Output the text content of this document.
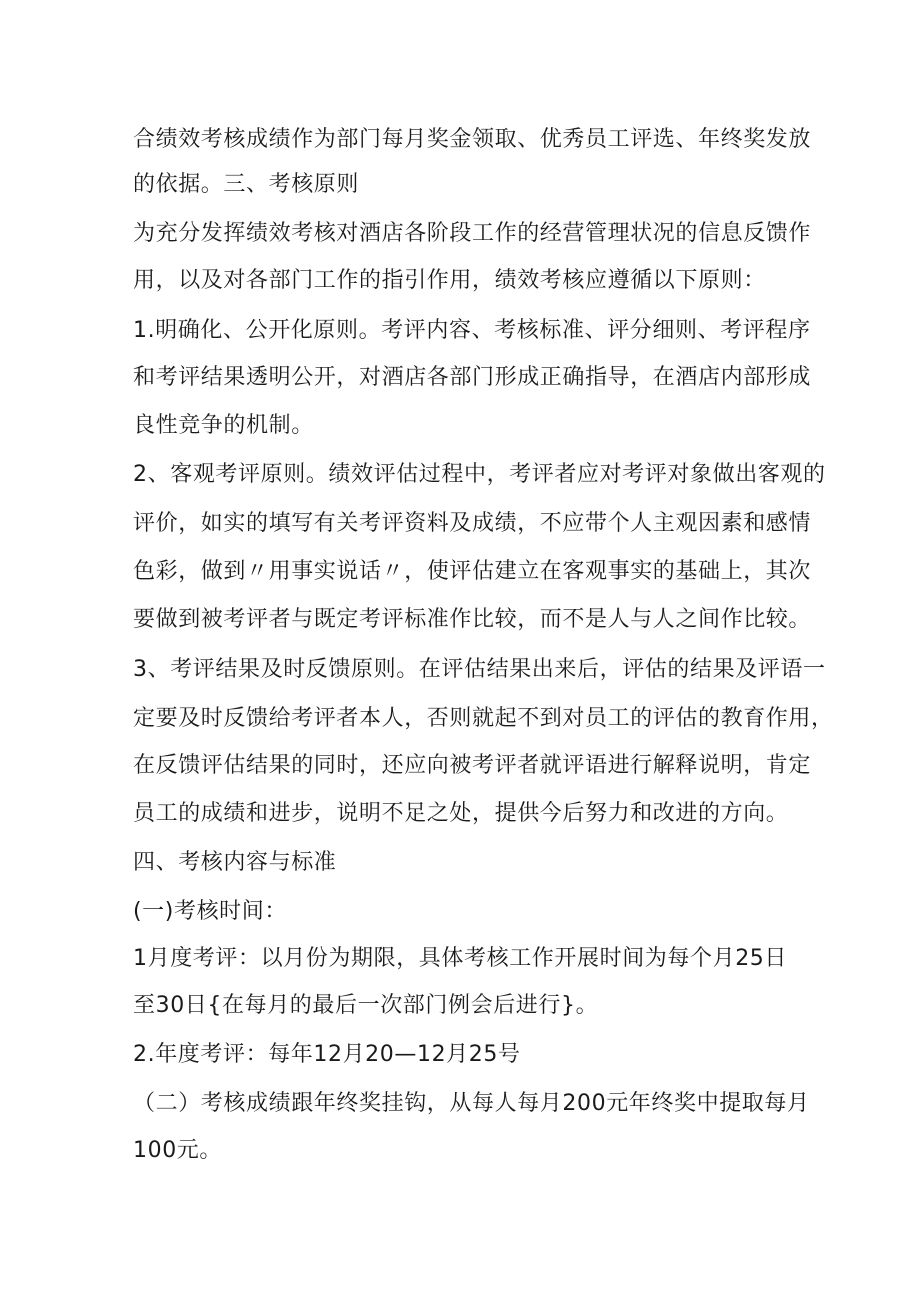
合绩效考核成绩作为部门每月奖金领取、优秀员工评选、年终奖发放
的依据。三、考核原则
为充分发挥绩效考核对酒店各阶段工作的经营管理状况的信息反馈作
用，以及对各部门工作的指引作用，绩效考核应遵循以下原则：
1.明确化、公开化原则。考评内容、考核标准、评分细则、考评程序
和考评结果透明公开，对酒店各部门形成正确指导，在酒店内部形成
良性竞争的机制。
2、客观考评原则。绩效评估过程中，考评者应对考评对象做出客观的
评价，如实的填写有关考评资料及成绩，不应带个人主观因素和感情
色彩，做到〃用事实说话〃，使评估建立在客观事实的基础上，其次
要做到被考评者与既定考评标准作比较，而不是人与人之间作比较。
3、考评结果及时反馈原则。在评估结果出来后，评估的结果及评语一
定要及时反馈给考评者本人，否则就起不到对员工的评估的教育作用，
在反馈评估结果的同时，还应向被考评者就评语进行解释说明，肯定
员工的成绩和进步，说明不足之处，提供今后努力和改进的方向。
四、考核内容与标准
(一)考核时间：
1月度考评：以月份为期限，具体考核工作开展时间为每个月25日
至30日{在每月的最后一次部门例会后进行}。
2.年度考评：每年12月20—12月25号
（二）考核成绩跟年终奖挂钩，从每人每月200元年终奖中提取每月
100元。
